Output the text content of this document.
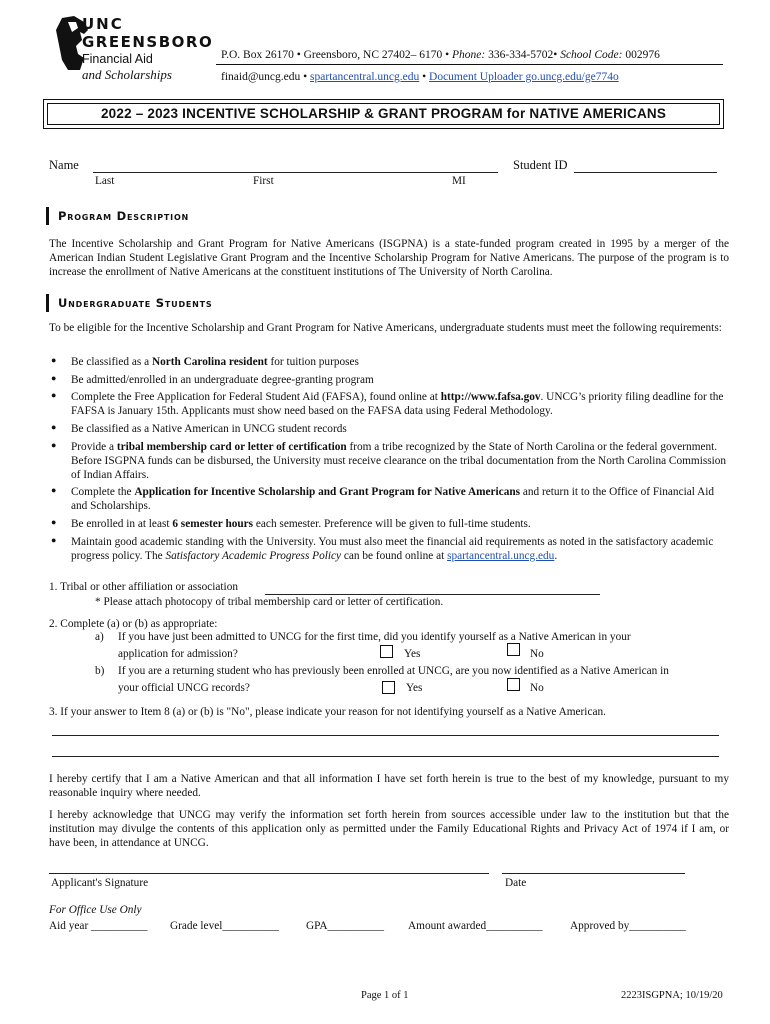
UNC
GREENSBORO
Financial Aid
and Scholarships
P.O. Box 26170 • Greensboro, NC 27402– 6170 • Phone: 336-334-5702• School Code: 002976
finaid@uncg.edu • spartancentral.uncg.edu • Document Uploader go.uncg.edu/ge774o
2022 – 2023 INCENTIVE SCHOLARSHIP & GRANT PROGRAM for NATIVE AMERICANS
Name	Student ID
Last	First	MI
Program Description
The Incentive Scholarship and Grant Program for Native Americans (ISGPNA) is a state-funded program created in 1995 by a merger of the American Indian Student Legislative Grant Program and the Incentive Scholarship Program for Native Americans. The purpose of the program is to increase the enrollment of Native Americans at the constituent institutions of The University of North Carolina.
Undergraduate Students
To be eligible for the Incentive Scholarship and Grant Program for Native Americans, undergraduate students must meet the following requirements:
● Be classified as a North Carolina resident for tuition purposes
● Be admitted/enrolled in an undergraduate degree-granting program
● Complete the Free Application for Federal Student Aid (FAFSA), found online at http://www.fafsa.gov. UNCG’s priority filing deadline for the FAFSA is January 15th. Applicants must show need based on the FAFSA data using Federal Methodology.
● Be classified as a Native American in UNCG student records
● Provide a tribal membership card or letter of certification from a tribe recognized by the State of North Carolina or the federal government. Before ISGPNA funds can be disbursed, the University must receive clearance on the tribal documentation from the North Carolina Commission of Indian Affairs.
● Complete the Application for Incentive Scholarship and Grant Program for Native Americans and return it to the Office of Financial Aid and Scholarships.
● Be enrolled in at least 6 semester hours each semester. Preference will be given to full-time students.
● Maintain good academic standing with the University. You must also meet the financial aid requirements as noted in the satisfactory academic progress policy. The Satisfactory Academic Progress Policy can be found online at spartancentral.uncg.edu.
1. Tribal or other affiliation or association
* Please attach photocopy of tribal membership card or letter of certification.
2. Complete (a) or (b) as appropriate:
a) If you have just been admitted to UNCG for the first time, did you identify yourself as a Native American in your
application for admission?	Yes	No
b) If you are a returning student who has previously been enrolled at UNCG, are you now identified as a Native American in
your official UNCG records?	Yes	No
3. If your answer to Item 8 (a) or (b) is "No", please indicate your reason for not identifying yourself as a Native American.
I hereby certify that I am a Native American and that all information I have set forth herein is true to the best of my knowledge, pursuant to my reasonable inquiry where needed.
I hereby acknowledge that UNCG may verify the information set forth herein from sources accessible under law to the institution but that the institution may divulge the contents of this application only as permitted under the Family Educational Rights and Privacy Act of 1974 if I am, or have been, in attendance at UNCG.
Applicant's Signature	Date
For Office Use Only
Aid year __________ Grade level__________ GPA__________ Amount awarded__________ Approved by__________
Page 1 of 1	2223ISGPNA; 10/19/20
